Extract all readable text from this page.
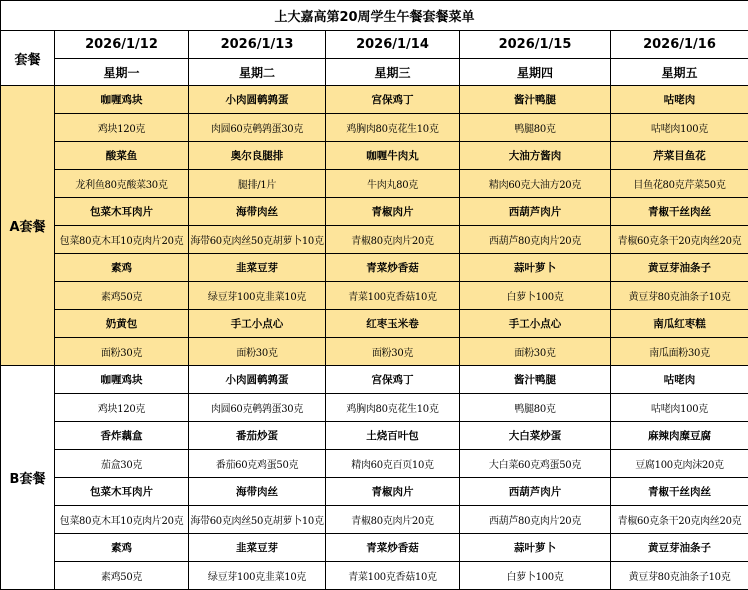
上大嘉高第20周学生午餐套餐菜单					
套餐	2026/1/12	2026/1/13	2026/1/14	2026/1/15	2026/1/16
	星期一	星期二	星期三	星期四	星期五
A套餐	咖喱鸡块	小肉圆鹌鹑蛋	宫保鸡丁	酱汁鸭腿	咕咾肉
	鸡块120克	肉圆60克鹌鹑蛋30克	鸡胸肉80克花生10克	鸭腿80克	咕咾肉100克
	酸菜鱼	奥尔良腿排	咖喱牛肉丸	大油方酱肉	芹菜目鱼花
	龙利鱼80克酸菜30克	腿排/1片	牛肉丸80克	精肉60克大油方20克	目鱼花80克芹菜50克
	包菜木耳肉片	海带肉丝	青椒肉片	西葫芦肉片	青椒干丝肉丝
	包菜80克木耳10克肉片20克	海带60克肉丝50克胡萝卜10克	青椒80克肉片20克	西葫芦80克肉片20克	青椒60克条干20克肉丝20克
	素鸡	韭菜豆芽	青菜炒香菇	蒜叶萝卜	黄豆芽油条子
	素鸡50克	绿豆芽100克韭菜10克	青菜100克香菇10克	白萝卜100克	黄豆芽80克油条子10克
	奶黄包	手工小点心	红枣玉米卷	手工小点心	南瓜红枣糕
	面粉30克	面粉30克	面粉30克	面粉30克	南瓜面粉30克
B套餐	咖喱鸡块	小肉圆鹌鹑蛋	宫保鸡丁	酱汁鸭腿	咕咾肉
	鸡块120克	肉圆60克鹌鹑蛋30克	鸡胸肉80克花生10克	鸭腿80克	咕咾肉100克
	香炸藕盒	番茄炒蛋	土烧百叶包	大白菜炒蛋	麻辣肉糜豆腐
	茄盒30克	番茄60克鸡蛋50克	精肉60克百页10克	大白菜60克鸡蛋50克	豆腐100克肉沫20克
	包菜木耳肉片	海带肉丝	青椒肉片	西葫芦肉片	青椒干丝肉丝
	包菜80克木耳10克肉片20克	海带60克肉丝50克胡萝卜10克	青椒80克肉片20克	西葫芦80克肉片20克	青椒60克条干20克肉丝20克
	素鸡	韭菜豆芽	青菜炒香菇	蒜叶萝卜	黄豆芽油条子
	素鸡50克	绿豆芽100克韭菜10克	青菜100克香菇10克	白萝卜100克	黄豆芽80克油条子10克
